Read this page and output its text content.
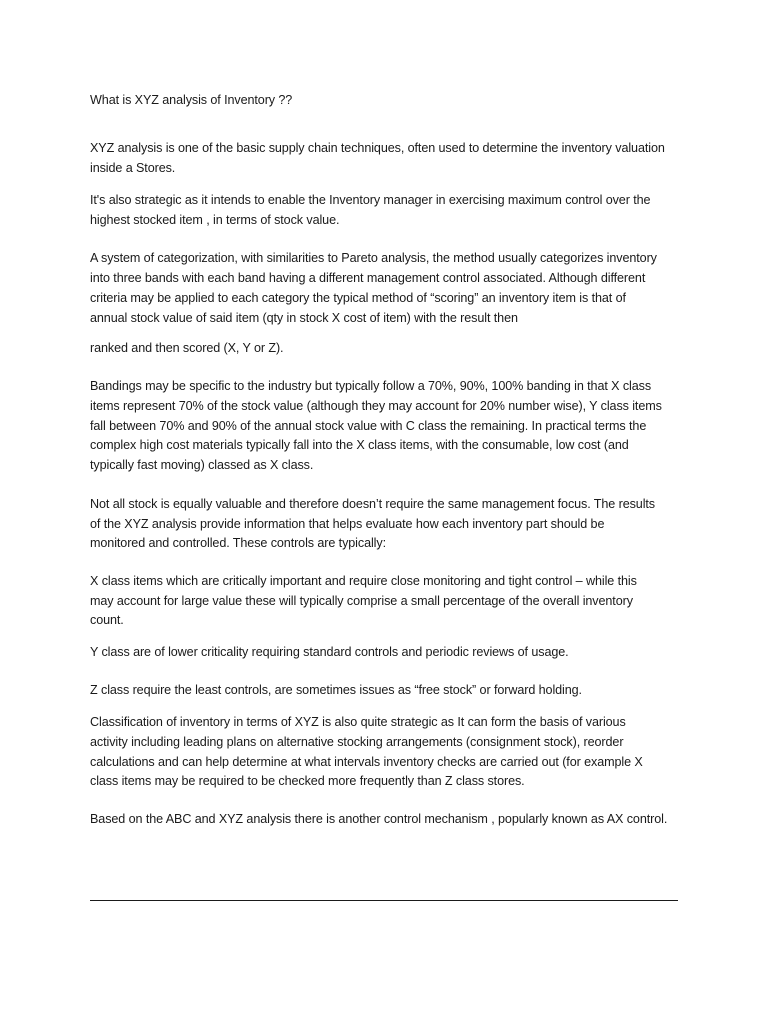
What is XYZ analysis of Inventory ??
XYZ analysis is one of the basic supply chain techniques, often used to determine the inventory valuation
inside a Stores.
It's also strategic as it intends to enable the Inventory manager in exercising maximum control over the
highest stocked item , in terms of stock value.
A system of categorization, with similarities to Pareto analysis, the method usually categorizes inventory
into three bands with each band having a different management control associated. Although different
criteria may be applied to each category the typical method of “scoring” an inventory item is that of
annual stock value of said item (qty in stock X cost of item) with the result then
ranked and then scored (X, Y or Z).
Bandings may be specific to the industry but typically follow a 70%, 90%, 100% banding in that X class
items represent 70% of the stock value (although they may account for 20% number wise), Y class items
fall between 70% and 90% of the annual stock value with C class the remaining. In practical terms the
complex high cost materials typically fall into the X class items, with the consumable, low cost (and
typically fast moving) classed as X class.
Not all stock is equally valuable and therefore doesn’t require the same management focus. The results
of the XYZ analysis provide information that helps evaluate how each inventory part should be
monitored and controlled. These controls are typically:
X class items which are critically important and require close monitoring and tight control – while this
may account for large value these will typically comprise a small percentage of the overall inventory
count.
Y class are of lower criticality requiring standard controls and periodic reviews of usage.
Z class require the least controls, are sometimes issues as “free stock” or forward holding.
Classification of inventory in terms of XYZ is also quite strategic as It can form the basis of various
activity including leading plans on alternative stocking arrangements (consignment stock), reorder
calculations and can help determine at what intervals inventory checks are carried out (for example X
class items may be required to be checked more frequently than Z class stores.
Based on the ABC and XYZ analysis there is another control mechanism , popularly known as AX control.
